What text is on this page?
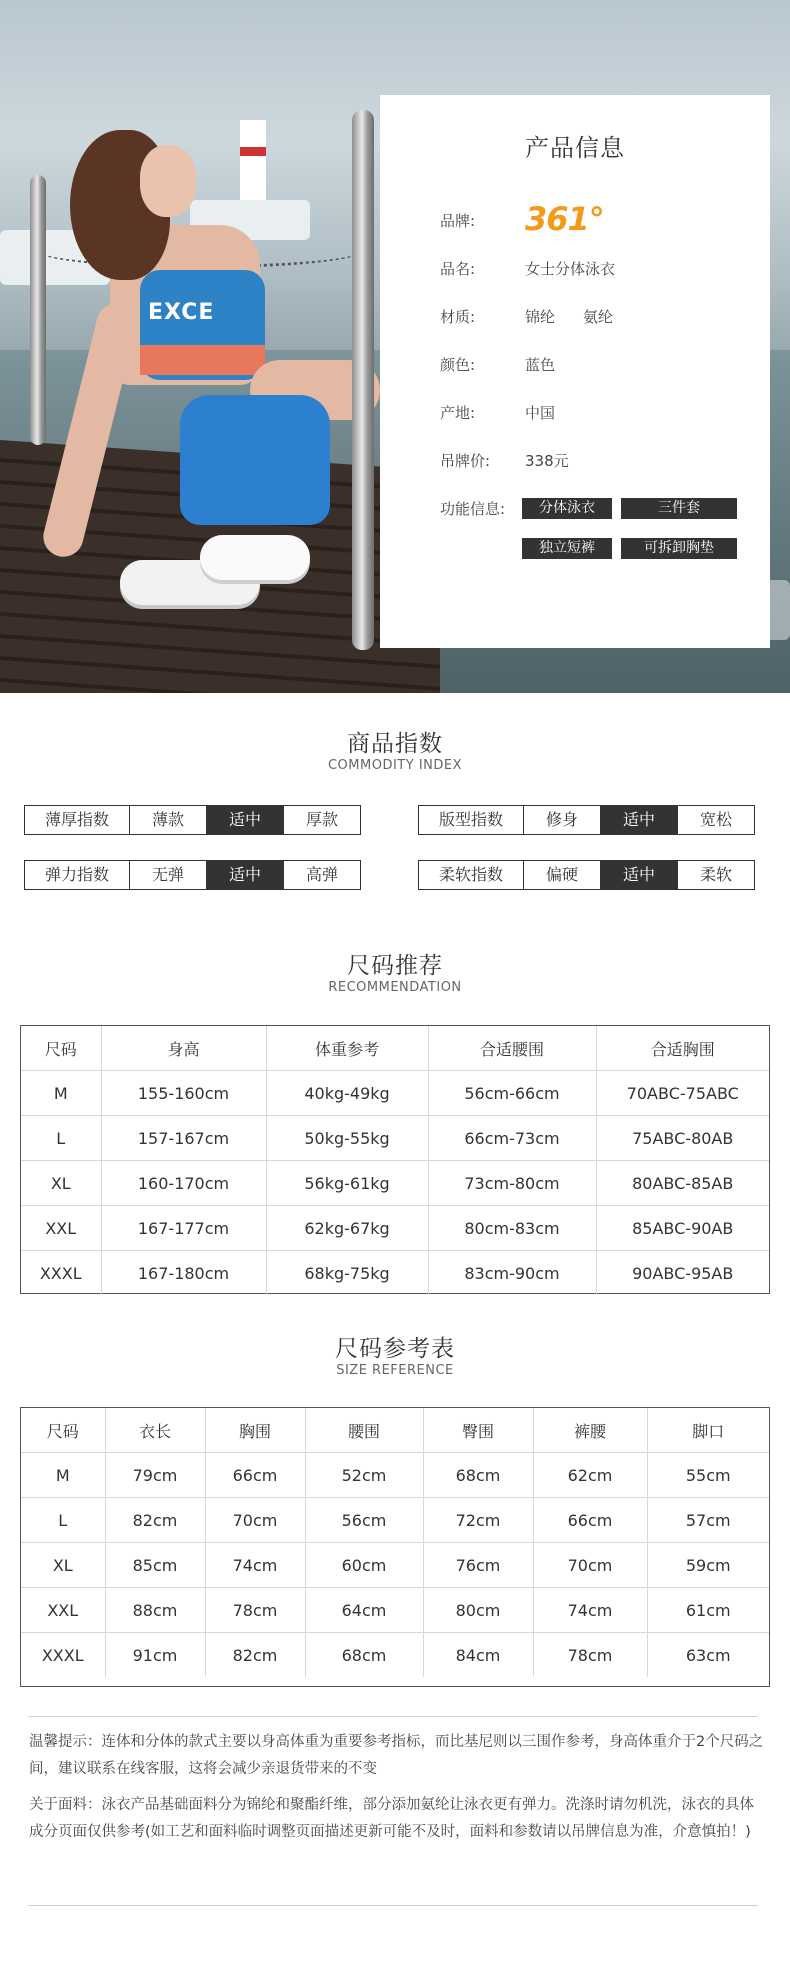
EXCE
产品信息
品牌: 361°
品名:	女士分体泳衣
材质:	锦纶 氨纶
颜色:	蓝色
产地:	中国
吊牌价: 338元
功能信息:	分体泳衣	三件套
独立短裤	可拆卸胸垫
商品指数
COMMODITY INDEX
薄厚指数	薄款	适中	厚款	版型指数	修身	适中	宽松
弹力指数	无弹	适中	高弹	柔软指数	偏硬	适中	柔软
尺码推荐
RECOMMENDATION
尺码	身高	体重参考	合适腰围	合适胸围
M	155-160cm	40kg-49kg	56cm-66cm	70ABC-75ABC
L	157-167cm	50kg-55kg	66cm-73cm	75ABC-80AB
XL	160-170cm	56kg-61kg	73cm-80cm	80ABC-85AB
XXL	167-177cm	62kg-67kg	80cm-83cm	85ABC-90AB
XXXL	167-180cm	68kg-75kg	83cm-90cm	90ABC-95AB
尺码参考表
SIZE REFERENCE
尺码	衣长	胸围	腰围	臀围	裤腰	脚口
M	79cm	66cm	52cm	68cm	62cm	55cm
L	82cm	70cm	56cm	72cm	66cm	57cm
XL	85cm	74cm	60cm	76cm	70cm	59cm
XXL	88cm	78cm	64cm	80cm	74cm	61cm
XXXL	91cm	82cm	68cm	84cm	78cm	63cm
温馨提示：连体和分体的款式主要以身高体重为重要参考指标，而比基尼则以三围作参考，身高体重介于2个尺码之间，建议联系在线客服，这将会减少亲退货带来的不变
关于面料：泳衣产品基础面料分为锦纶和聚酯纤维，部分添加氨纶让泳衣更有弹力。洗涤时请勿机洗，泳衣的具体成分页面仅供参考(如工艺和面料临时调整页面描述更新可能不及时，面料和参数请以吊牌信息为准，介意慎拍！)
